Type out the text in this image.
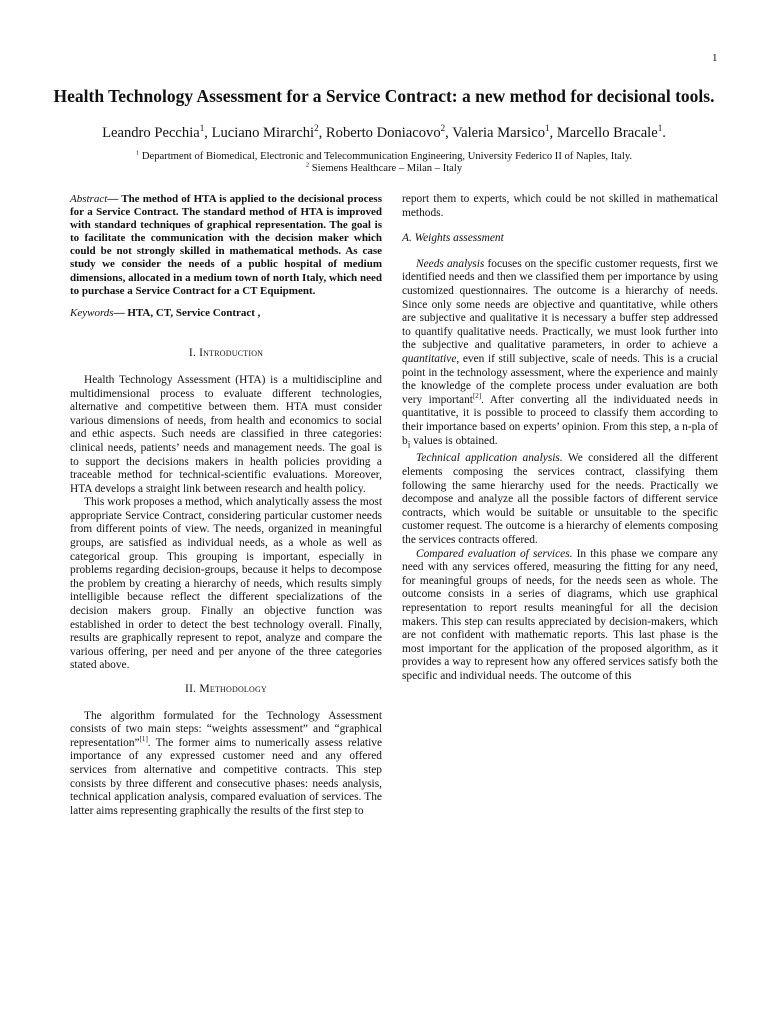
1
Health Technology Assessment for a Service Contract: a new method for decisional tools.
Leandro Pecchia$^1$, Luciano Mirarchi$^2$, Roberto Doniacovo$^2$, Valeria Marsico$^1$, Marcello Bracale$^1$.
$^1$ Department of Biomedical, Electronic and Telecommunication Engineering, University Federico II of Naples, Italy.
$^2$ Siemens Healthcare – Milan – Italy

Abstract— The method of HTA is applied to the decisional process for a Service Contract. The standard method of HTA is improved with standard techniques of graphical representation. The goal is to facilitate the communication with the decision maker which could be not strongly skilled in mathematical methods. As case study we consider the needs of a public hospital of medium dimensions, allocated in a medium town of north Italy, which need to purchase a Service Contract for a CT Equipment.

Keywords— HTA, CT, Service Contract ,

I. Introduction

Health Technology Assessment (HTA) is a multidiscipline and multidimensional process to evaluate different technologies, alternative and competitive between them. HTA must consider various dimensions of needs, from health and economics to social and ethic aspects. Such needs are classified in three categories: clinical needs, patients’ needs and management needs. The goal is to support the decisions makers in health policies providing a traceable method for technical-scientific evaluations. Moreover, HTA develops a straight link between research and health policy.

This work proposes a method, which analytically assess the most appropriate Service Contract, considering particular customer needs from different points of view. The needs, organized in meaningful groups, are satisfied as individual needs, as a whole as well as categorical group. This grouping is important, especially in problems regarding decision-groups, because it helps to decompose the problem by creating a hierarchy of needs, which results simply intelligible because reflect the different specializations of the decision makers group. Finally an objective function was established in order to detect the best technology overall. Finally, results are graphically represent to repot, analyze and compare the various offering, per need and per anyone of the three categories stated above.

II. Methodology

The algorithm formulated for the Technology Assessment consists of two main steps: “weights assessment” and “graphical representation”[1]. The former aims to numerically assess relative importance of any expressed customer need and any offered services from alternative and competitive contracts. This step consists by three different and consecutive phases: needs analysis, technical application analysis, compared evaluation of services. The latter aims representing graphically the results of the first step to

report them to experts, which could be not skilled in mathematical methods.

A. Weights assessment

Needs analysis focuses on the specific customer requests, first we identified needs and then we classified them per importance by using customized questionnaires. The outcome is a hierarchy of needs. Since only some needs are objective and quantitative, while others are subjective and qualitative it is necessary a buffer step addressed to quantify qualitative needs. Practically, we must look further into the subjective and qualitative parameters, in order to achieve a quantitative, even if still subjective, scale of needs. This is a crucial point in the technology assessment, where the experience and mainly the knowledge of the complete process under evaluation are both very important[2]. After converting all the individuated needs in quantitative, it is possible to proceed to classify them according to their importance based on experts’ opinion. From this step, a n-pla of $b_i$ values is obtained.

Technical application analysis. We considered all the different elements composing the services contract, classifying them following the same hierarchy used for the needs. Practically we decompose and analyze all the possible factors of different service contracts, which would be suitable or unsuitable to the specific customer request. The outcome is a hierarchy of elements composing the services contracts offered.

Compared evaluation of services. In this phase we compare any need with any services offered, measuring the fitting for any need, for meaningful groups of needs, for the needs seen as whole. The outcome consists in a series of diagrams, which use graphical representation to report results meaningful for all the decision makers. This step can results appreciated by decision-makers, which are not confident with mathematic reports. This last phase is the most important for the application of the proposed algorithm, as it provides a way to represent how any offered services satisfy both the specific and individual needs. The outcome of this
